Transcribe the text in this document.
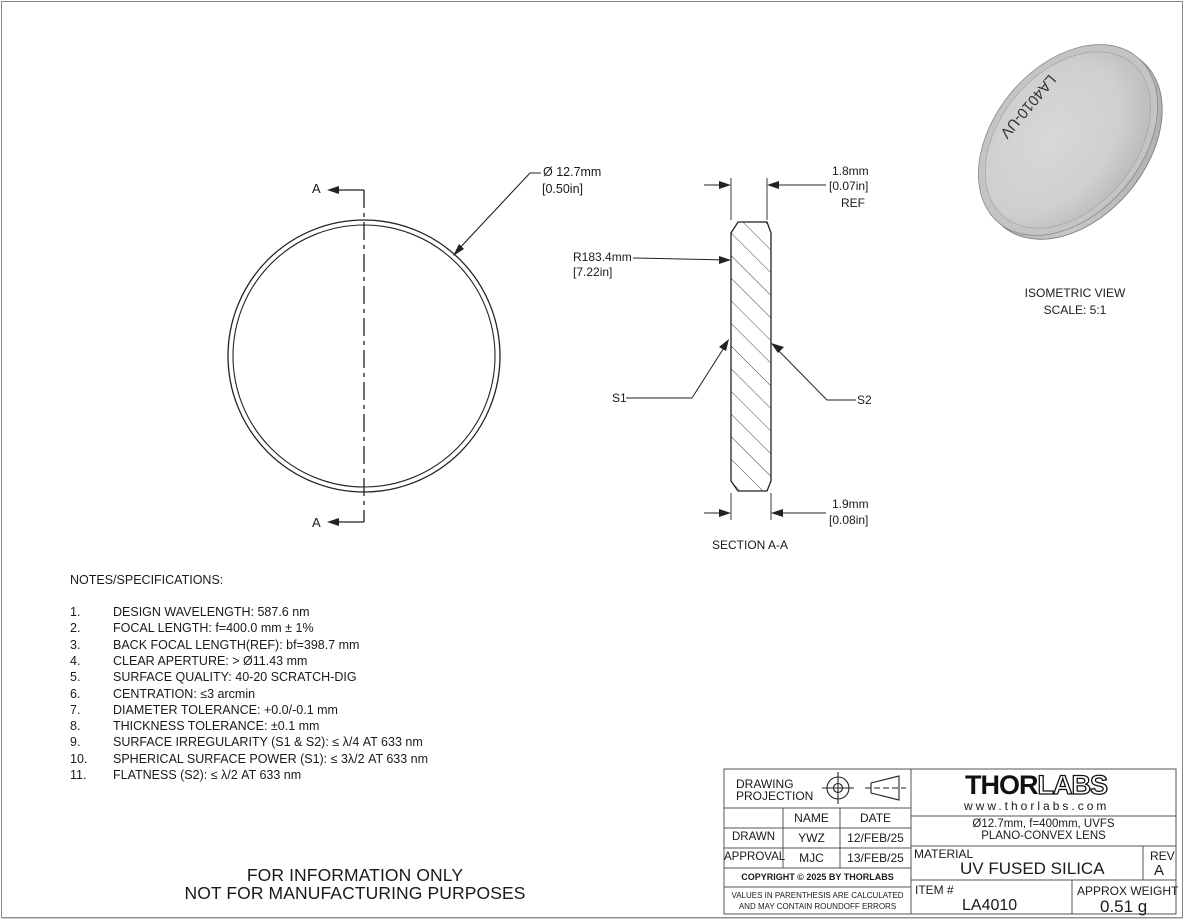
LA4010-UV
A
A
Ø 12.7mm
[0.50in]
1.8mm
[0.07in]
REF
R183.4mm
[7.22in]
S1	S2
1.9mm
[0.08in]
SECTION A-A
ISOMETRIC VIEW
SCALE: 5:1
NOTES/SPECIFICATIONS:
1.	DESIGN WAVELENGTH: 587.6 nm
2.	FOCAL LENGTH: f=400.0 mm ± 1%
3.	BACK FOCAL LENGTH(REF): bf=398.7 mm
4.	CLEAR APERTURE: > Ø11.43 mm
5.	SURFACE QUALITY: 40-20 SCRATCH-DIG
6.	CENTRATION: ≤3 arcmin
7.	DIAMETER TOLERANCE: +0.0/-0.1 mm
8.	THICKNESS TOLERANCE: ±0.1 mm
9.	SURFACE IRREGULARITY (S1 & S2): ≤ λ/4 AT 633 nm
10.	SPHERICAL SURFACE POWER (S1): ≤ 3λ/2 AT 633 nm
11.	FLATNESS (S2): ≤ λ/2 AT 633 nm
FOR INFORMATION ONLY
NOT FOR MANUFACTURING PURPOSES
DRAWING
PROJECTION
NAME	DATE
DRAWN	YWZ	12/FEB/25
APPROVAL	MJC	13/FEB/25
COPYRIGHT © 2025 BY THORLABS
VALUES IN PARENTHESIS ARE CALCULATED
AND MAY CONTAIN ROUNDOFF ERRORS
THORLABS
www.thorlabs.com
Ø12.7mm, f=400mm, UVFS
PLANO-CONVEX LENS
MATERIAL
UV FUSED SILICA
REV
A
ITEM #
LA4010
APPROX WEIGHT
0.51 g
